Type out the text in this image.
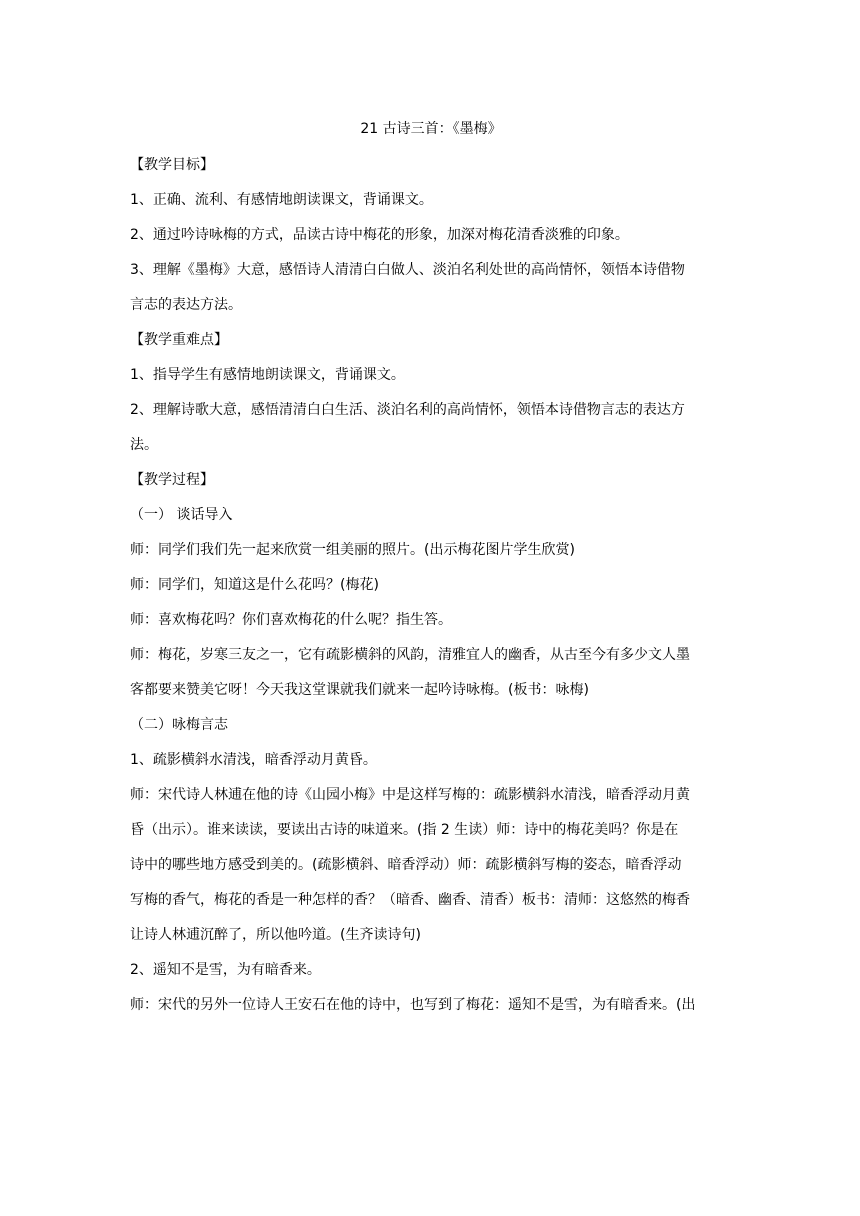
21 古诗三首：《墨梅》
【教学目标】
1、正确、流利、有感情地朗读课文，背诵课文。
2、通过吟诗咏梅的方式，品读古诗中梅花的形象，加深对梅花清香淡雅的印象。
3、理解《墨梅》大意，感悟诗人清清白白做人、淡泊名利处世的高尚情怀，领悟本诗借物
言志的表达方法。
【教学重难点】
1、指导学生有感情地朗读课文，背诵课文。
2、理解诗歌大意，感悟清清白白生活、淡泊名利的高尚情怀，领悟本诗借物言志的表达方
法。
【教学过程】
（一） 谈话导入
师：同学们我们先一起来欣赏一组美丽的照片。(出示梅花图片学生欣赏)
师：同学们，知道这是什么花吗？(梅花)
师：喜欢梅花吗？你们喜欢梅花的什么呢？指生答。
师：梅花，岁寒三友之一，它有疏影横斜的风韵，清雅宜人的幽香，从古至今有多少文人墨
客都要来赞美它呀！今天我这堂课就我们就来一起吟诗咏梅。(板书：咏梅)
（二）咏梅言志
1、疏影横斜水清浅，暗香浮动月黄昏。
师：宋代诗人林逋在他的诗《山园小梅》中是这样写梅的：疏影横斜水清浅，暗香浮动月黄
昏（出示）。谁来读读，要读出古诗的味道来。(指 2 生读）师：诗中的梅花美吗？你是在
诗中的哪些地方感受到美的。(疏影横斜、暗香浮动）师：疏影横斜写梅的姿态，暗香浮动
写梅的香气，梅花的香是一种怎样的香？（暗香、幽香、清香）板书：清师：这悠然的梅香
让诗人林逋沉醉了，所以他吟道。(生齐读诗句)
2、遥知不是雪，为有暗香来。
师：宋代的另外一位诗人王安石在他的诗中，也写到了梅花：遥知不是雪，为有暗香来。(出
